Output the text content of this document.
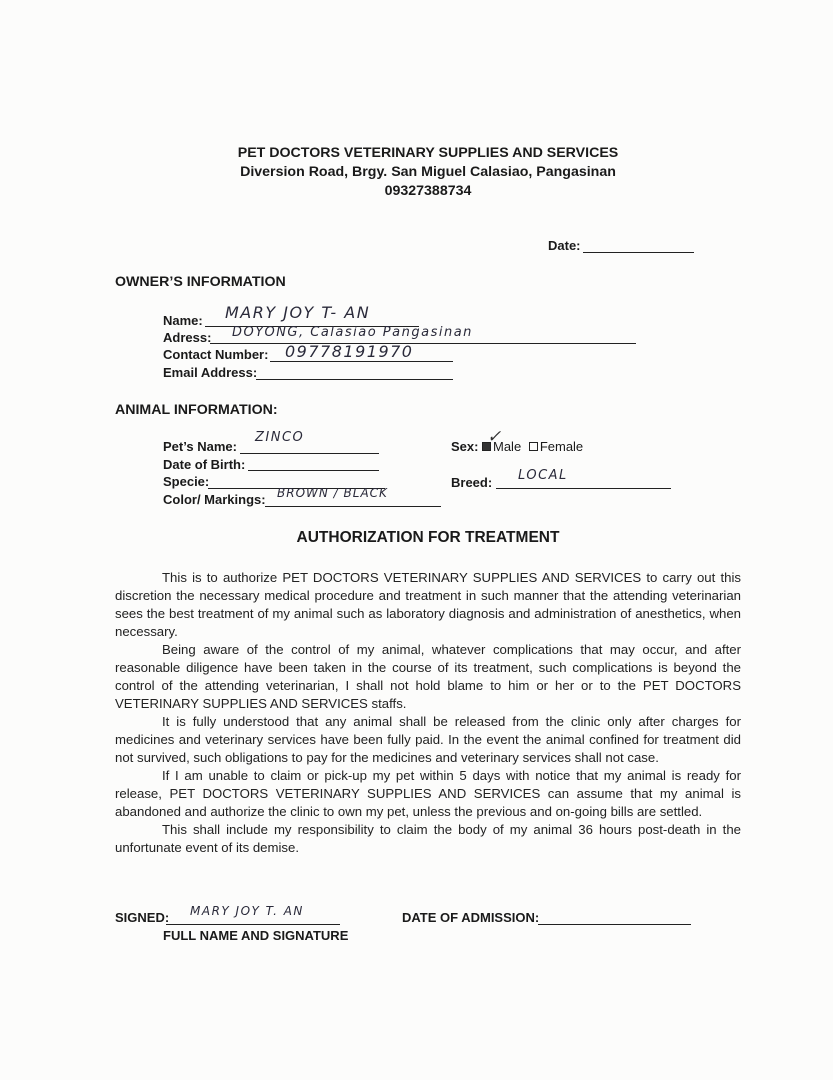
PET DOCTORS VETERINARY SUPPLIES AND SERVICES
Diversion Road, Brgy. San Miguel Calasiao, Pangasinan
09327388734
Date:
OWNER’S INFORMATION
Name: MARY JOY T- AN
Adress: DOYONG, Calasiao Pangasinan
Contact Number: 09778191970
Email Address:
ANIMAL INFORMATION:
Pet’s Name:
ZINCO
Date of Birth:
Specie:
Color/ Markings: BROWN / BLACK
Sex:	Male Female
✓
Breed: LOCAL
AUTHORIZATION FOR TREATMENT

This is to authorize PET DOCTORS VETERINARY SUPPLIES AND SERVICES to carry out this discretion the necessary medical procedure and treatment in such manner that the attending veterinarian sees the best treatment of my animal such as laboratory diagnosis and administration of anesthetics, when necessary.

Being aware of the control of my animal, whatever complications that may occur, and after reasonable diligence have been taken in the course of its treatment, such complications is beyond the control of the attending veterinarian, I shall not hold blame to him or her or to the PET DOCTORS VETERINARY SUPPLIES AND SERVICES staffs.

It is fully understood that any animal shall be released from the clinic only after charges for medicines and veterinary services have been fully paid. In the event the animal confined for treatment did not survived, such obligations to pay for the medicines and veterinary services shall not case.

If I am unable to claim or pick-up my pet within 5 days with notice that my animal is ready for release, PET DOCTORS VETERINARY SUPPLIES AND SERVICES can assume that my animal is abandoned and authorize the clinic to own my pet, unless the previous and on-going bills are settled.

This shall include my responsibility to claim the body of my animal 36 hours post-death in the unfortunate event of its demise.

SIGNED: MARY JOY T. AN
FULL NAME AND SIGNATURE
DATE OF ADMISSION:
